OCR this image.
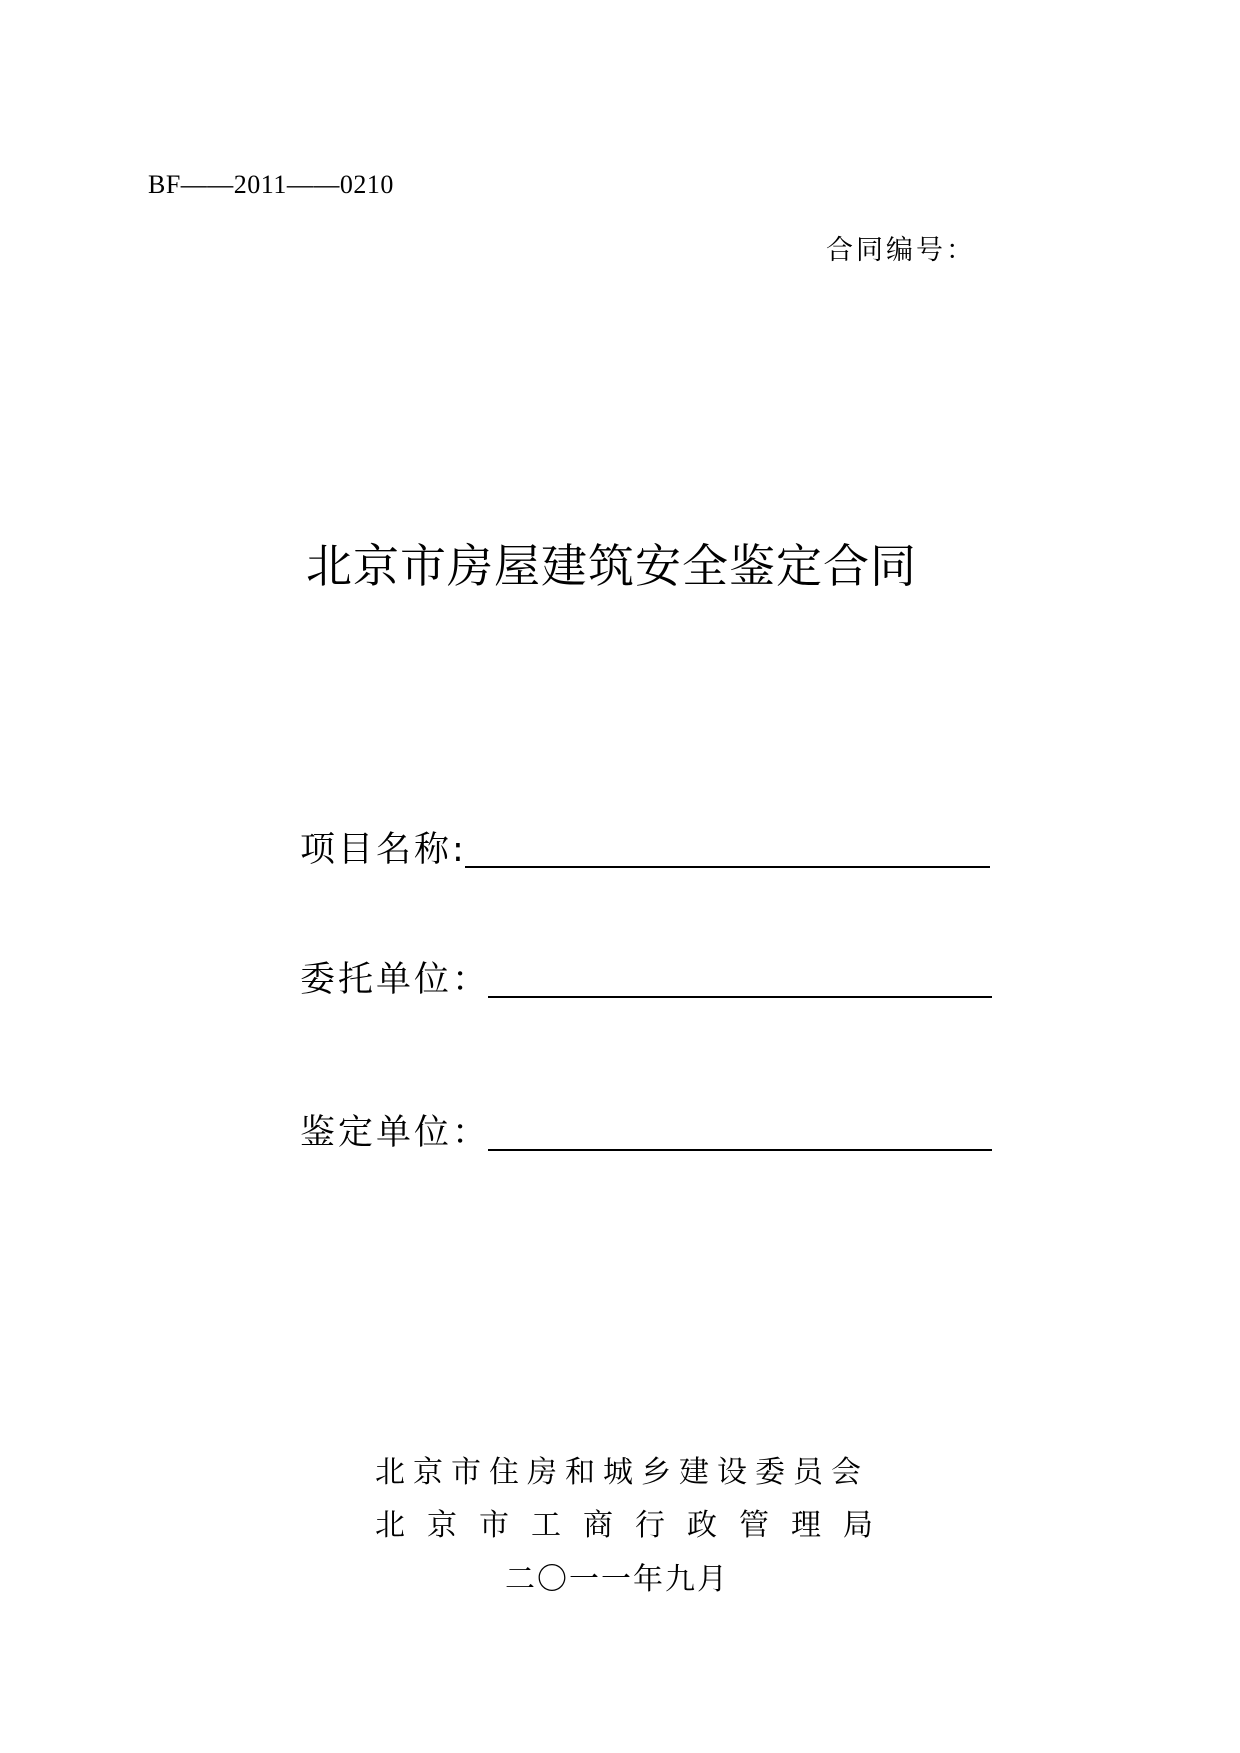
BF——2011——0210
合同编号：
北京市房屋建筑安全鉴定合同
项目名称:
委托单位：
鉴定单位：
北京市住房和城乡建设委员会
北京市工商行政管理局
二〇一一年九月
